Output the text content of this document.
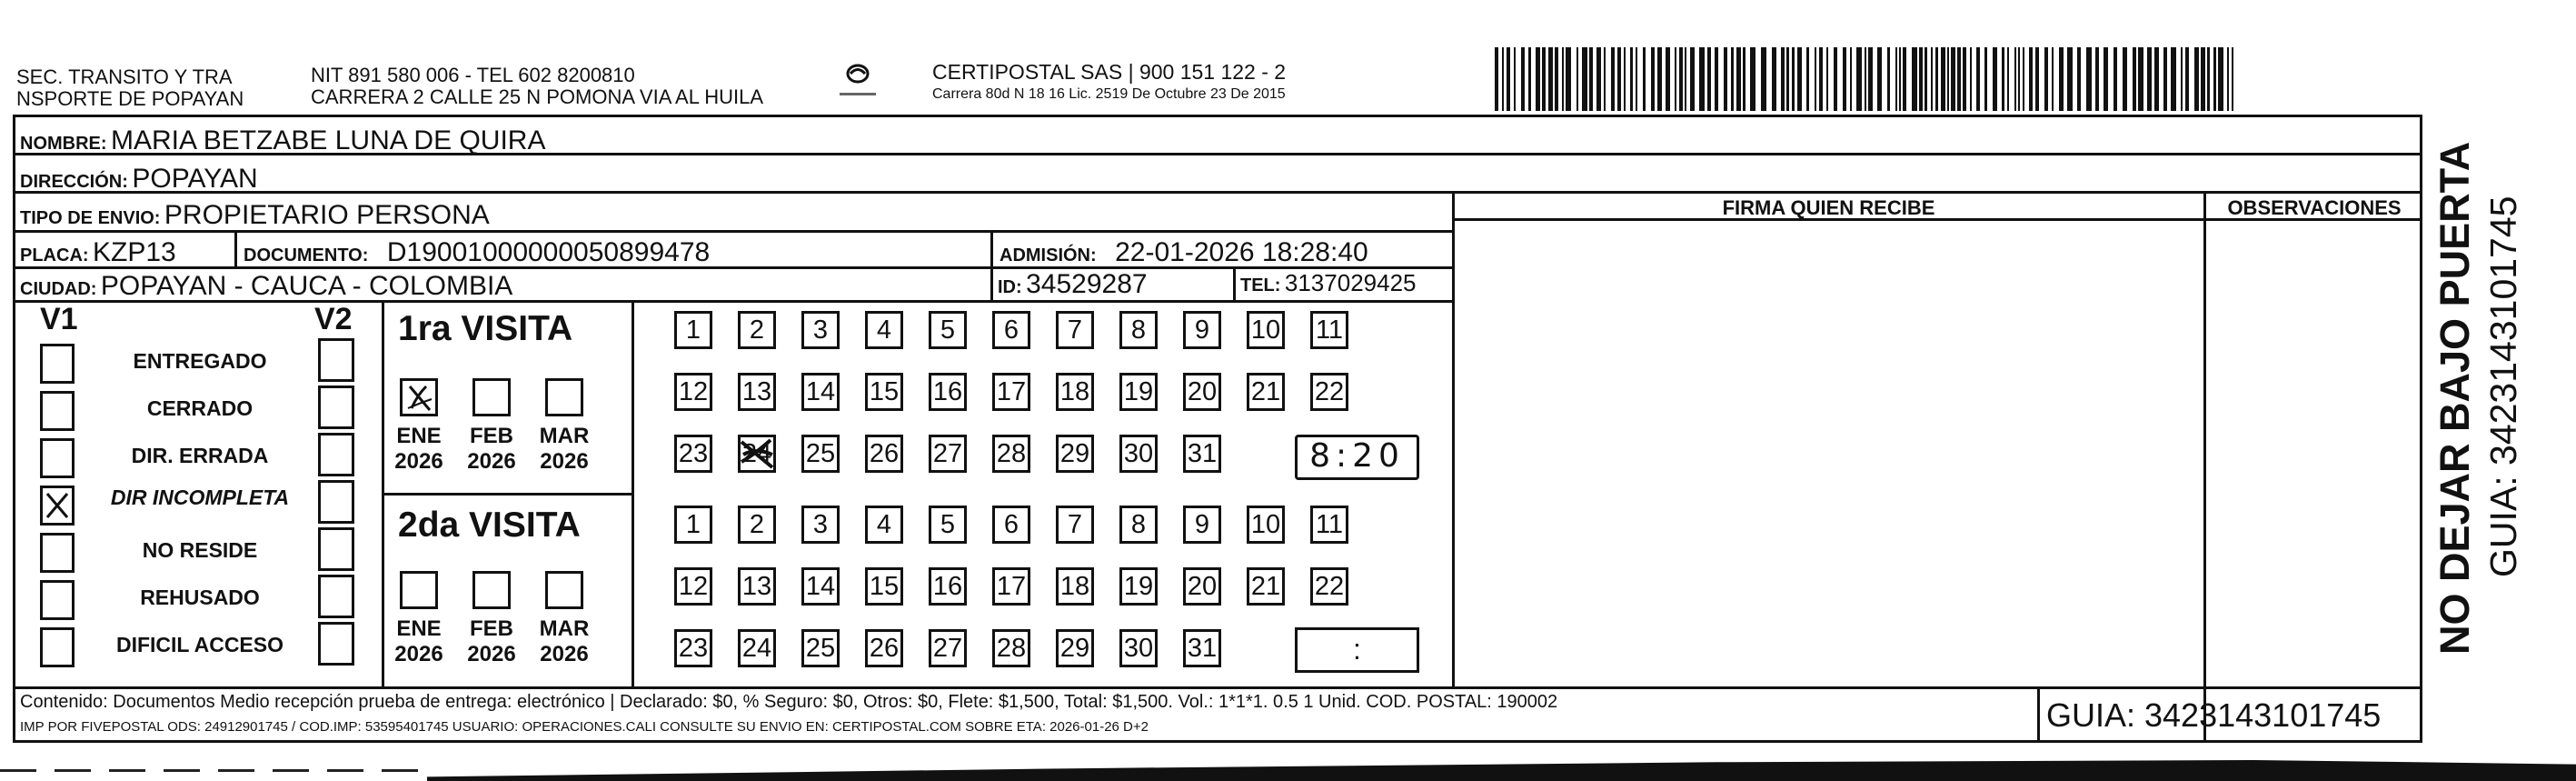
SEC. TRANSITO Y TRA
NSPORTE DE POPAYAN
NIT 891 580 006 - TEL 602 8200810
CARRERA 2 CALLE 25 N POMONA VIA AL HUILA
CERTIPOSTAL SAS | 900 151 122 - 2
Carrera 80d N 18 16 Lic. 2519 De Octubre 23 De 2015
NOMBRE: MARIA BETZABE LUNA DE QUIRA
DIRECCIÓN: POPAYAN
TIPO DE ENVIO: PROPIETARIO PERSONA
PLACA: KZP13	DOCUMENTO: D19001000000050899478	ADMISIÓN: 22-01-2026 18:28:40
CIUDAD: POPAYAN - CAUCA - COLOMBIA	ID: 34529287	TEL: 3137029425
FIRMA QUIEN RECIBE	OBSERVACIONES
V1	V2
ENTREGADO
CERRADO
DIR. ERRADA
DIR INCOMPLETA
NO RESIDE
REHUSADO
DIFICIL ACCESO
1ra VISITA
2da VISITA
ENE
2026
FEB
2026
MAR
2026
ENE
2026
FEB
2026
MAR
2026
1	2	3	4	5	6	7	8	9	10 11
12 13 14 15 16 17 18 19 20 21 22
23 24 25 26 27 28 29 30 31
1	2	3	4	5	6	7	8	9	10 11
12 13 14 15 16 17 18 19 20 21 22
23 24 25 26 27 28 29 30 31
8:20
:
Contenido: Documentos Medio recepción prueba de entrega: electrónico | Declarado: $0, % Seguro: $0, Otros: $0, Flete: $1,500, Total: $1,500. Vol.: 1*1*1. 0.5 1 Unid. COD. POSTAL: 190002
IMP POR FIVEPOSTAL ODS: 24912901745 / COD.IMP: 53595401745 USUARIO: OPERACIONES.CALI CONSULTE SU ENVIO EN: CERTIPOSTAL.COM SOBRE ETA: 2026-01-26 D+2	GUIA: 3423143101745
NO DEJAR BAJO PUERTA GUIA: 3423143101745
